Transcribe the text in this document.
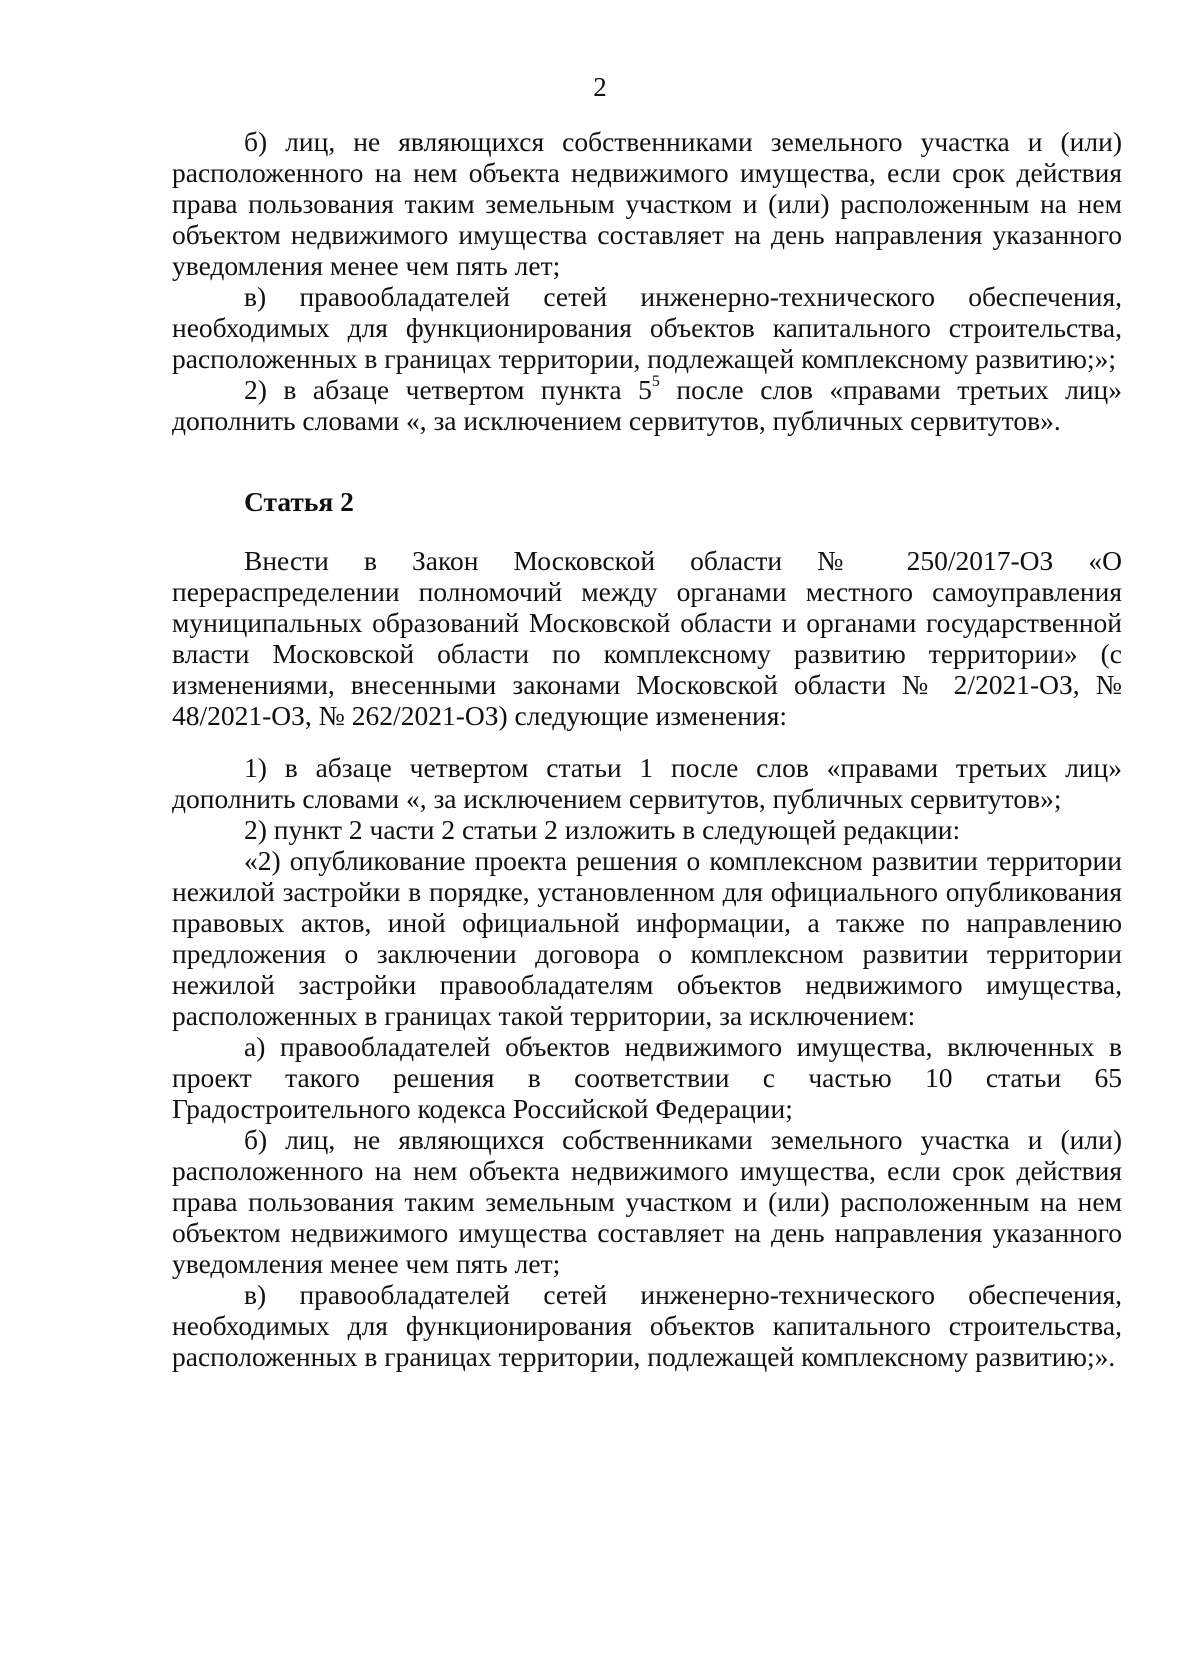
2

б) лиц, не являющихся собственниками земельного участка и (или) расположенного на нем объекта недвижимого имущества, если срок действия права пользования таким земельным участком и (или) расположенным на нем объектом недвижимого имущества составляет на день направления указанного уведомления менее чем пять лет;

в) правообладателей сетей инженерно-технического обеспечения, необходимых для функционирования объектов капитального строительства, расположенных в границах территории, подлежащей комплексному развитию;»;

2) в абзаце четвертом пункта $5^5$ после слов «правами третьих лиц» дополнить словами «, за исключением сервитутов, публичных сервитутов».

Статья 2

Внести в Закон Московской области № 250/2017-ОЗ «О перераспределении полномочий между органами местного самоуправления муниципальных образований Московской области и органами государственной власти Московской области по комплексному развитию территории» (с изменениями, внесенными законами Московской области № 2/2021-ОЗ, № 48/2021-ОЗ, № 262/2021-ОЗ) следующие изменения:

1) в абзаце четвертом статьи 1 после слов «правами третьих лиц» дополнить словами «, за исключением сервитутов, публичных сервитутов»;

2) пункт 2 части 2 статьи 2 изложить в следующей редакции:

«2) опубликование проекта решения о комплексном развитии территории нежилой застройки в порядке, установленном для официального опубликования правовых актов, иной официальной информации, а также по направлению предложения о заключении договора о комплексном развитии территории нежилой застройки правообладателям объектов недвижимого имущества, расположенных в границах такой территории, за исключением:

а) правообладателей объектов недвижимого имущества, включенных в проект такого решения в соответствии с частью 10 статьи 65 Градостроительного кодекса Российской Федерации;

б) лиц, не являющихся собственниками земельного участка и (или) расположенного на нем объекта недвижимого имущества, если срок действия права пользования таким земельным участком и (или) расположенным на нем объектом недвижимого имущества составляет на день направления указанного уведомления менее чем пять лет;

в) правообладателей сетей инженерно-технического обеспечения, необходимых для функционирования объектов капитального строительства, расположенных в границах территории, подлежащей комплексному развитию;».
